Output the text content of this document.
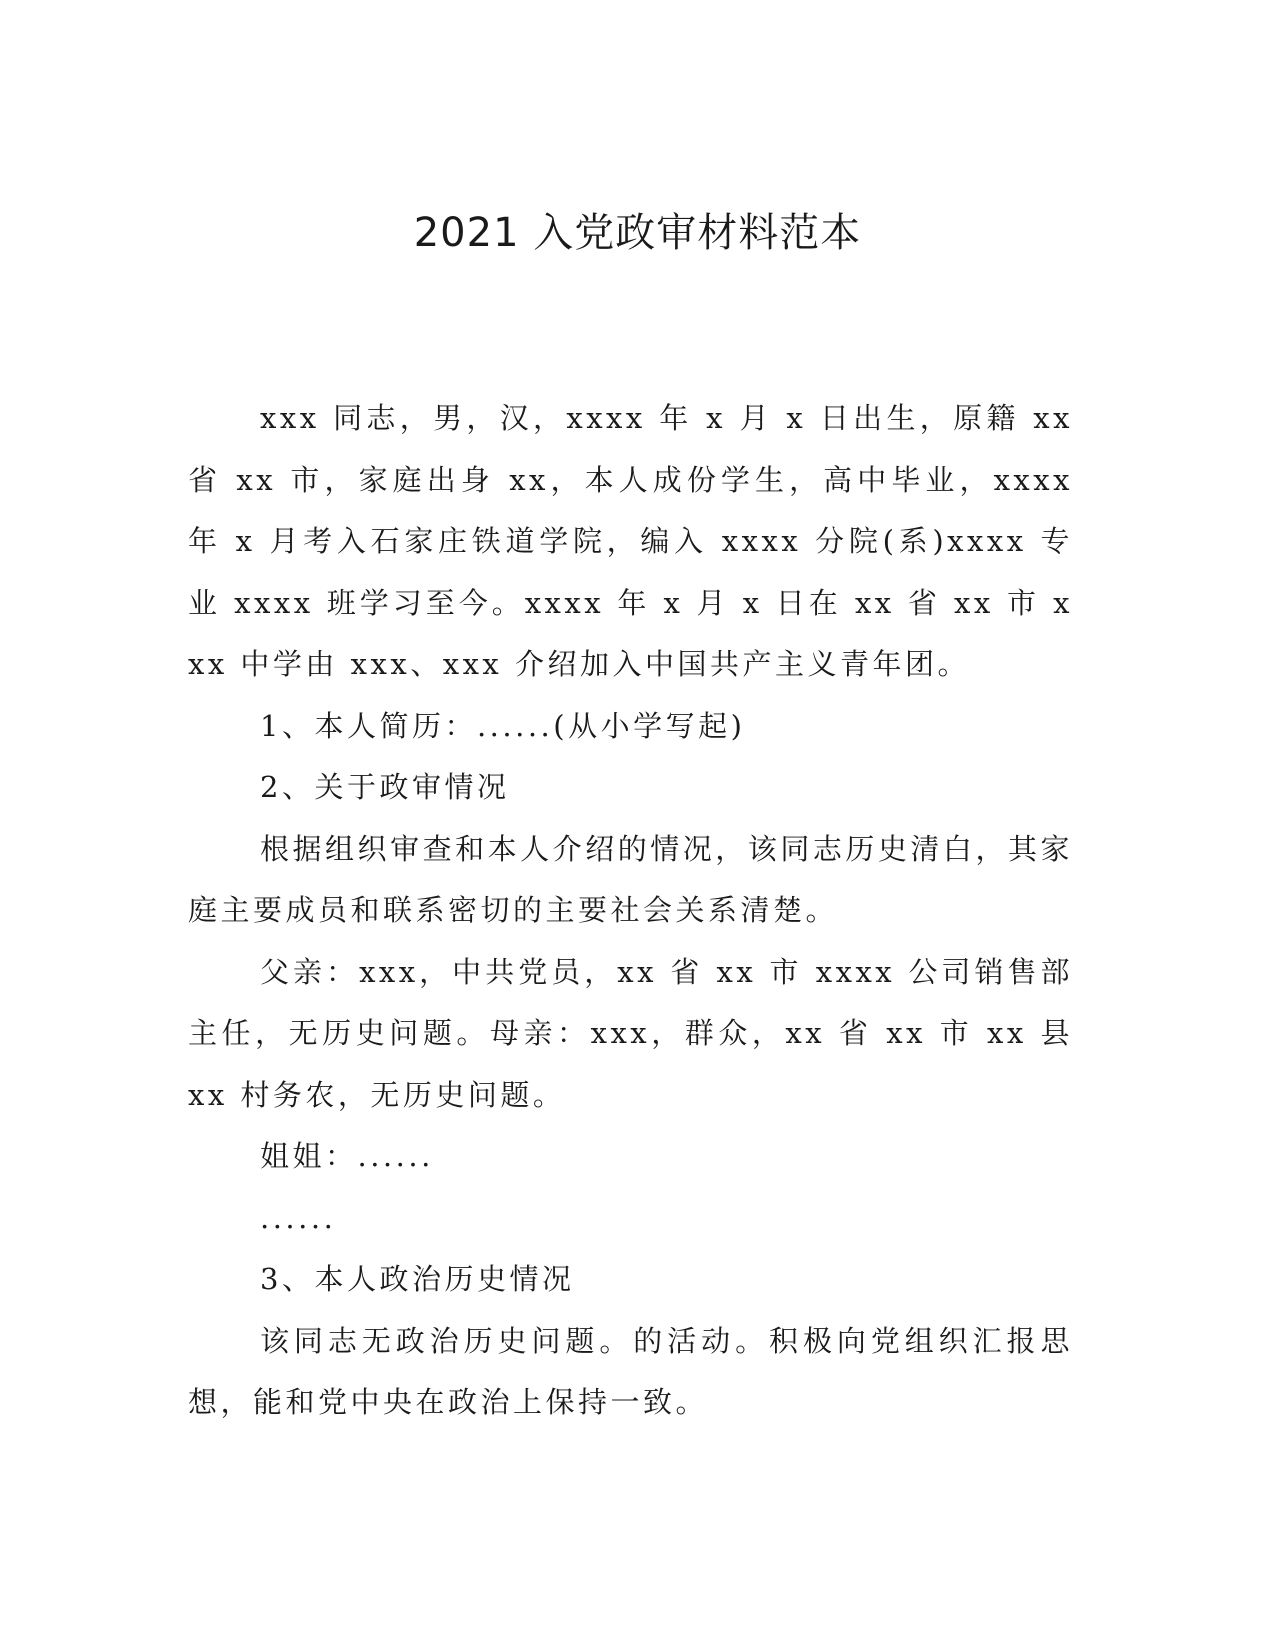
2021 入党政审材料范本

xxx 同志，男，汉，xxxx 年 x 月 x 日出生，原籍 xx 省 xx 市，家庭出身 xx，本人成份学生，高中毕业，xxxx 年 x 月考入石家庄铁道学院，编入 xxxx 分院(系)xxxx 专业 xxxx 班学习至今。xxxx 年 x 月 x 日在 xx 省 xx 市 xxx 中学由 xxx、xxx 介绍加入中国共产主义青年团。

1、本人简历：......(从小学写起)

2、关于政审情况

根据组织审查和本人介绍的情况，该同志历史清白，其家庭主要成员和联系密切的主要社会关系清楚。

父亲：xxx，中共党员，xx 省 xx 市 xxxx 公司销售部主任，无历史问题。母亲：xxx，群众，xx 省 xx 市 xx 县 xx 村务农，无历史问题。

姐姐：......

......

3、本人政治历史情况

该同志无政治历史问题。的活动。积极向党组织汇报思想，能和党中央在政治上保持一致。
